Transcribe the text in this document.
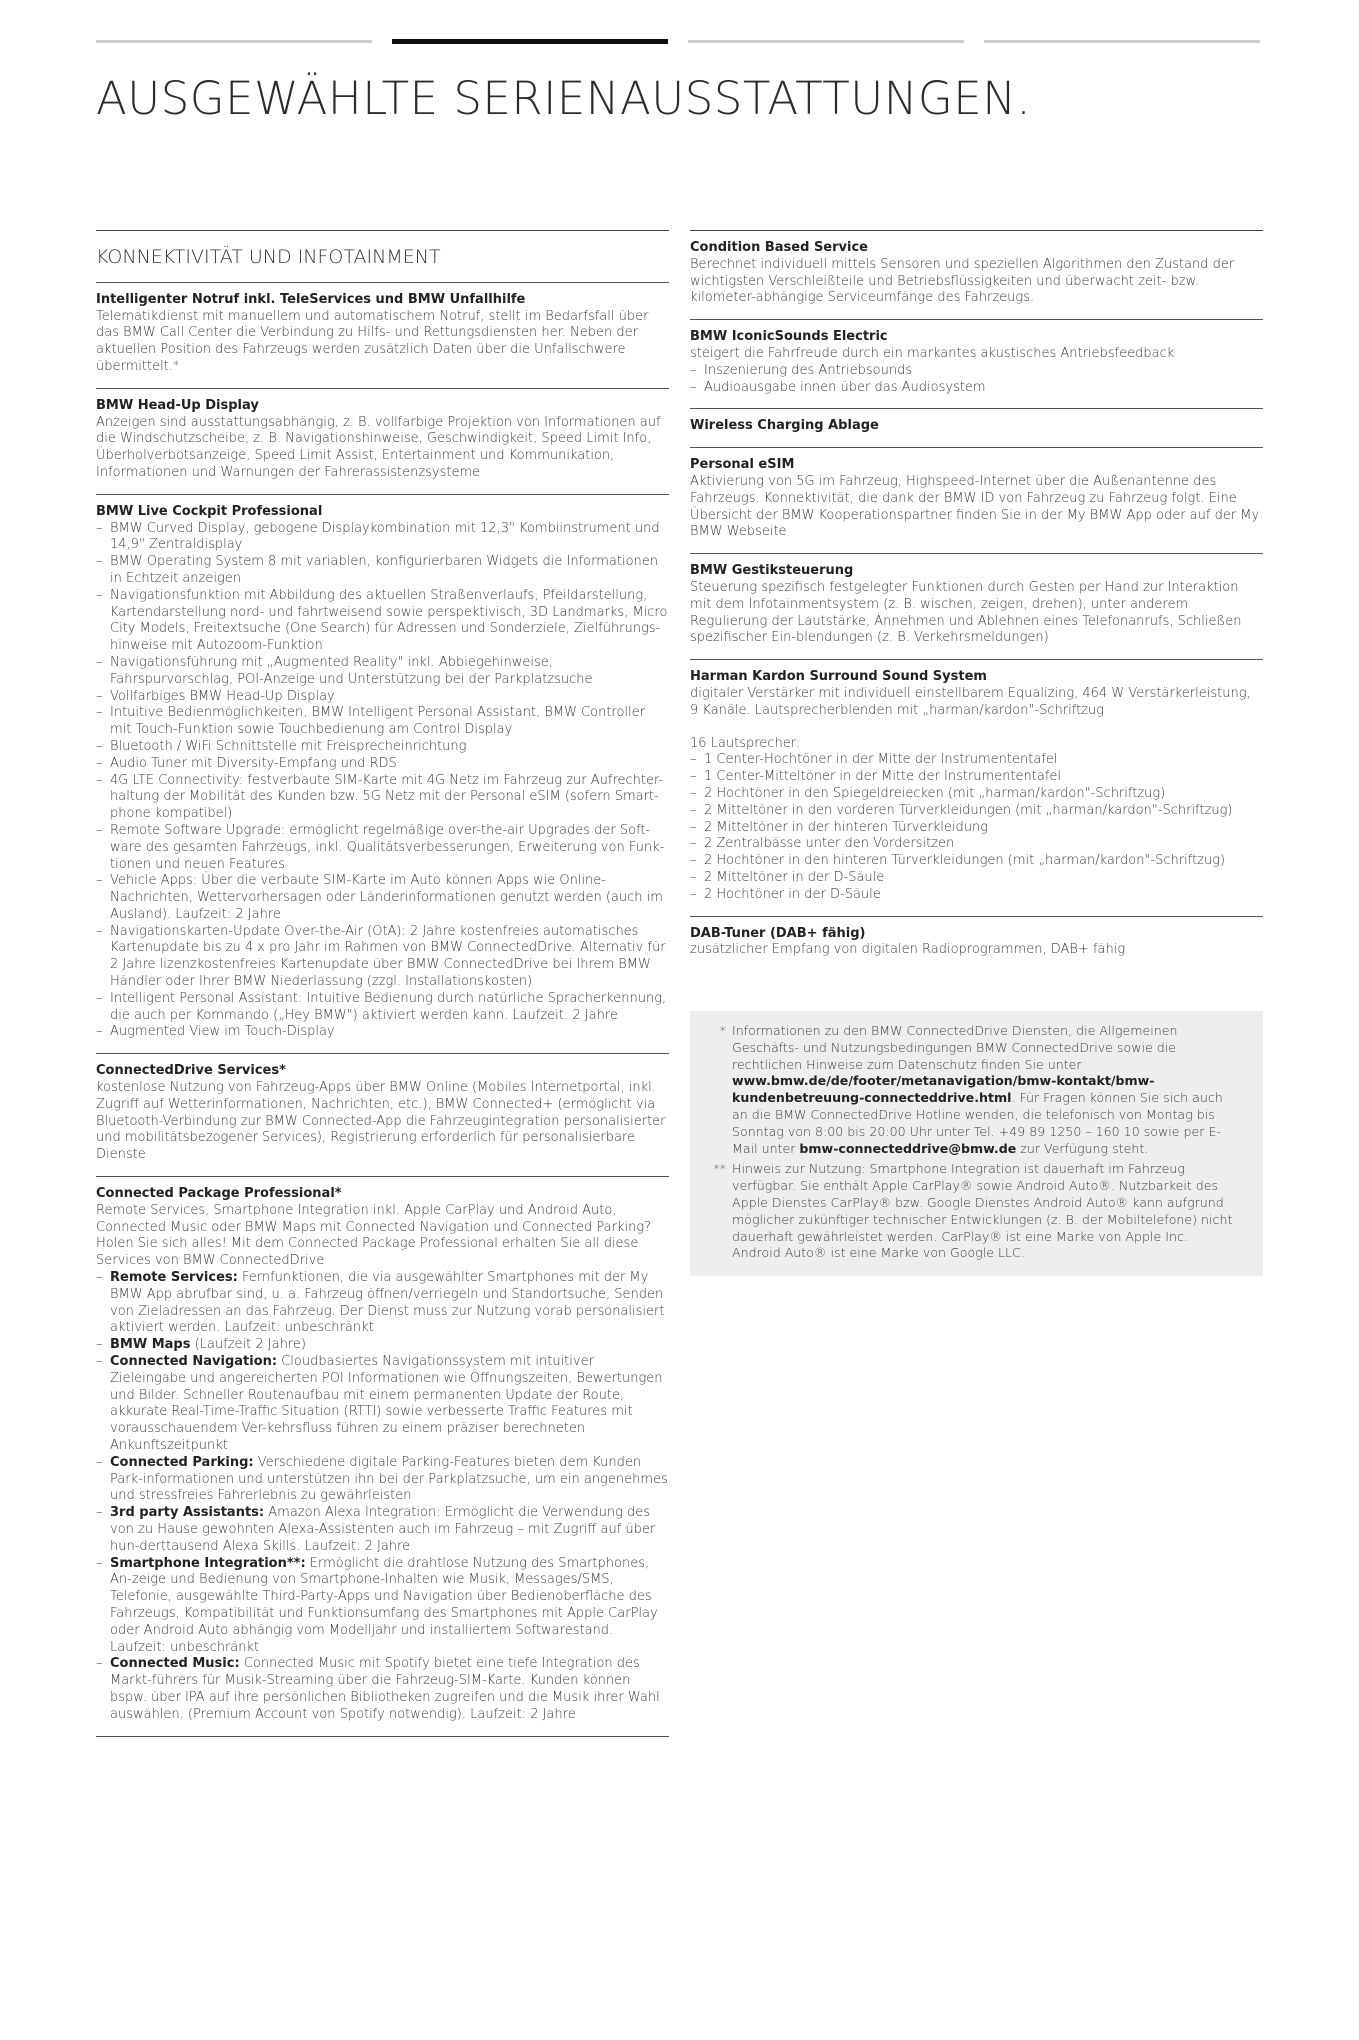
AUSGEWÄHLTE SERIENAUSSTATTUNGEN.
KONNEKTIVITÄT UND INFOTAINMENT
Intelligenter Notruf inkl. TeleServices und BMW Unfallhilfe
Telematikdienst mit manuellem und automatischem Notruf, stellt im Bedarfsfall über das BMW Call Center die Verbindung zu Hilfs- und Rettungsdiensten her. Neben der aktuellen Position des Fahrzeugs werden zusätzlich Daten über die Unfallschwere übermittelt.*
BMW Head-Up Display
Anzeigen sind ausstattungsabhängig, z. B. vollfarbige Projektion von Informationen auf die Windschutzscheibe, z. B. Navigationshinweise, Geschwindigkeit, Speed Limit Info, Überholverbotsanzeige, Speed Limit Assist, Entertainment und Kommunikation, Informationen und Warnungen der Fahrerassistenzsysteme
BMW Live Cockpit Professional
– BMW Curved Display, gebogene Displaykombination mit 12,3" Kombiinstrument und 14,9" Zentraldisplay
– BMW Operating System 8 mit variablen, konfigurierbaren Widgets die Informationen in Echtzeit anzeigen
– Navigationsfunktion mit Abbildung des aktuellen Straßenverlaufs, Pfeildarstellung, Kartendarstellung nord- und fahrtweisend sowie perspektivisch, 3D Landmarks, Micro City Models, Freitextsuche (One Search) für Adressen und Sonderziele, Zielführungs-hinweise mit Autozoom-Funktion
– Navigationsführung mit „Augmented Reality" inkl. Abbiegehinweise, Fahrspurvorschlag, POI-Anzeige und Unterstützung bei der Parkplatzsuche
– Vollfarbiges BMW Head-Up Display
– Intuitive Bedienmöglichkeiten, BMW Intelligent Personal Assistant, BMW Controller mit Touch-Funktion sowie Touchbedienung am Control Display
– Bluetooth / WiFi Schnittstelle mit Freisprecheinrichtung
– Audio Tuner mit Diversity-Empfang und RDS
– 4G LTE Connectivity: festverbaute SIM-Karte mit 4G Netz im Fahrzeug zur Aufrechter-haltung der Mobilität des Kunden bzw. 5G Netz mit der Personal eSIM (sofern Smart-phone kompatibel)
– Remote Software Upgrade: ermöglicht regelmäßige over-the-air Upgrades der Soft-ware des gesamten Fahrzeugs, inkl. Qualitätsverbesserungen, Erweiterung von Funk-tionen und neuen Features
– Vehicle Apps: Über die verbaute SIM-Karte im Auto können Apps wie Online-Nachrichten, Wettervorhersagen oder Länderinformationen genutzt werden (auch im Ausland). Laufzeit: 2 Jahre
– Navigationskarten-Update Over-the-Air (OtA): 2 Jahre kostenfreies automatisches Kartenupdate bis zu 4 x pro Jahr im Rahmen von BMW ConnectedDrive. Alternativ für 2 Jahre lizenzkostenfreies Kartenupdate über BMW ConnectedDrive bei Ihrem BMW Händler oder Ihrer BMW Niederlassung (zzgl. Installationskosten)
– Intelligent Personal Assistant: Intuitive Bedienung durch natürliche Spracherkennung, die auch per Kommando („Hey BMW") aktiviert werden kann. Laufzeit: 2 Jahre
– Augmented View im Touch-Display
ConnectedDrive Services*
kostenlose Nutzung von Fahrzeug-Apps über BMW Online (Mobiles Internetportal, inkl. Zugriff auf Wetterinformationen, Nachrichten, etc.), BMW Connected+ (ermöglicht via Bluetooth-Verbindung zur BMW Connected-App die Fahrzeugintegration personalisierter und mobilitätsbezogener Services), Registrierung erforderlich für personalisierbare Dienste
Connected Package Professional*
Remote Services, Smartphone Integration inkl. Apple CarPlay und Android Auto, Connected Music oder BMW Maps mit Connected Navigation und Connected Parking? Holen Sie sich alles! Mit dem Connected Package Professional erhalten Sie all diese Services von BMW ConnectedDrive
– Remote Services: Fernfunktionen, die via ausgewählter Smartphones mit der My BMW App abrufbar sind, u. a. Fahrzeug öffnen/verriegeln und Standortsuche, Senden von Zieladressen an das Fahrzeug. Der Dienst muss zur Nutzung vorab personalisiert aktiviert werden. Laufzeit: unbeschränkt
– BMW Maps (Laufzeit 2 Jahre)
– Connected Navigation: Cloudbasiertes Navigationssystem mit intuitiver Zieleingabe und angereicherten POI Informationen wie Öffnungszeiten, Bewertungen und Bilder. Schneller Routenaufbau mit einem permanenten Update der Route, akkurate Real-Time-Traffic Situation (RTTI) sowie verbesserte Traffic Features mit vorausschauendem Ver-kehrsfluss führen zu einem präziser berechneten Ankunftszeitpunkt
– Connected Parking: Verschiedene digitale Parking-Features bieten dem Kunden Park-informationen und unterstützen ihn bei der Parkplatzsuche, um ein angenehmes und stressfreies Fahrerlebnis zu gewährleisten
– 3rd party Assistants: Amazon Alexa Integration: Ermöglicht die Verwendung des von zu Hause gewohnten Alexa-Assistenten auch im Fahrzeug – mit Zugriff auf über hun-derttausend Alexa Skills. Laufzeit: 2 Jahre
– Smartphone Integration**: Ermöglicht die drahtlose Nutzung des Smartphones, An-zeige und Bedienung von Smartphone-Inhalten wie Musik, Messages/SMS, Telefonie, ausgewählte Third-Party-Apps und Navigation über Bedienoberfläche des Fahrzeugs, Kompatibilität und Funktionsumfang des Smartphones mit Apple CarPlay oder Android Auto abhängig vom Modelljahr und installiertem Softwarestand. Laufzeit: unbeschränkt
– Connected Music: Connected Music mit Spotify bietet eine tiefe Integration des Markt-führers für Musik-Streaming über die Fahrzeug-SIM-Karte. Kunden können bspw. über IPA auf ihre persönlichen Bibliotheken zugreifen und die Musik ihrer Wahl auswählen. (Premium Account von Spotify notwendig). Laufzeit: 2 Jahre
Condition Based Service
Berechnet individuell mittels Sensoren und speziellen Algorithmen den Zustand der wichtigsten Verschleißteile und Betriebsflüssigkeiten und überwacht zeit- bzw. kilometer-abhängige Serviceumfänge des Fahrzeugs.
BMW IconicSounds Electric
steigert die Fahrfreude durch ein markantes akustisches Antriebsfeedback
– Inszenierung des Antriebsounds
– Audioausgabe innen über das Audiosystem
Wireless Charging Ablage
Personal eSIM
Aktivierung von 5G im Fahrzeug, Highspeed-Internet über die Außenantenne des Fahrzeugs. Konnektivität, die dank der BMW ID von Fahrzeug zu Fahrzeug folgt. Eine Übersicht der BMW Kooperationspartner finden Sie in der My BMW App oder auf der My BMW Webseite
BMW Gestiksteuerung
Steuerung spezifisch festgelegter Funktionen durch Gesten per Hand zur Interaktion mit dem Infotainmentsystem (z. B. wischen, zeigen, drehen), unter anderem Regulierung der Lautstärke, Annehmen und Ablehnen eines Telefonanrufs, Schließen spezifischer Ein-blendungen (z. B. Verkehrsmeldungen)
Harman Kardon Surround Sound System
digitaler Verstärker mit individuell einstellbarem Equalizing, 464 W Verstärkerleistung, 9 Kanäle. Lautsprecherblenden mit „harman/kardon"-Schriftzug
16 Lautsprecher:
– 1 Center-Hochtöner in der Mitte der Instrumententafel
– 1 Center-Mitteltöner in der Mitte der Instrumententafel
– 2 Hochtöner in den Spiegeldreiecken (mit „harman/kardon"-Schriftzug)
– 2 Mitteltöner in den vorderen Türverkleidungen (mit „harman/kardon"-Schriftzug)
– 2 Mitteltöner in der hinteren Türverkleidung
– 2 Zentralbässe unter den Vordersitzen
– 2 Hochtöner in den hinteren Türverkleidungen (mit „harman/kardon"-Schriftzug)
– 2 Mitteltöner in der D-Säule
– 2 Hochtöner in der D-Säule
DAB-Tuner (DAB+ fähig)
zusätzlicher Empfang von digitalen Radioprogrammen, DAB+ fähig
* Informationen zu den BMW ConnectedDrive Diensten, die Allgemeinen Geschäfts- und Nutzungsbedingungen BMW ConnectedDrive sowie die rechtlichen Hinweise zum Datenschutz finden Sie unter www.bmw.de/de/footer/metanavigation/bmw-kontakt/bmw-kundenbetreuung-connecteddrive.html. Für Fragen können Sie sich auch an die BMW ConnectedDrive Hotline wenden, die telefonisch von Montag bis Sonntag von 8:00 bis 20:00 Uhr unter Tel. +49 89 1250 – 160 10 sowie per E-Mail unter bmw-connecteddrive@bmw.de zur Verfügung steht.
** Hinweis zur Nutzung: Smartphone Integration ist dauerhaft im Fahrzeug verfügbar. Sie enthält Apple CarPlay® sowie Android Auto®. Nutzbarkeit des Apple Dienstes CarPlay® bzw. Google Dienstes Android Auto® kann aufgrund möglicher zukünftiger technischer Entwicklungen (z. B. der Mobiltelefone) nicht dauerhaft gewährleistet werden. CarPlay® ist eine Marke von Apple Inc. Android Auto® ist eine Marke von Google LLC.
